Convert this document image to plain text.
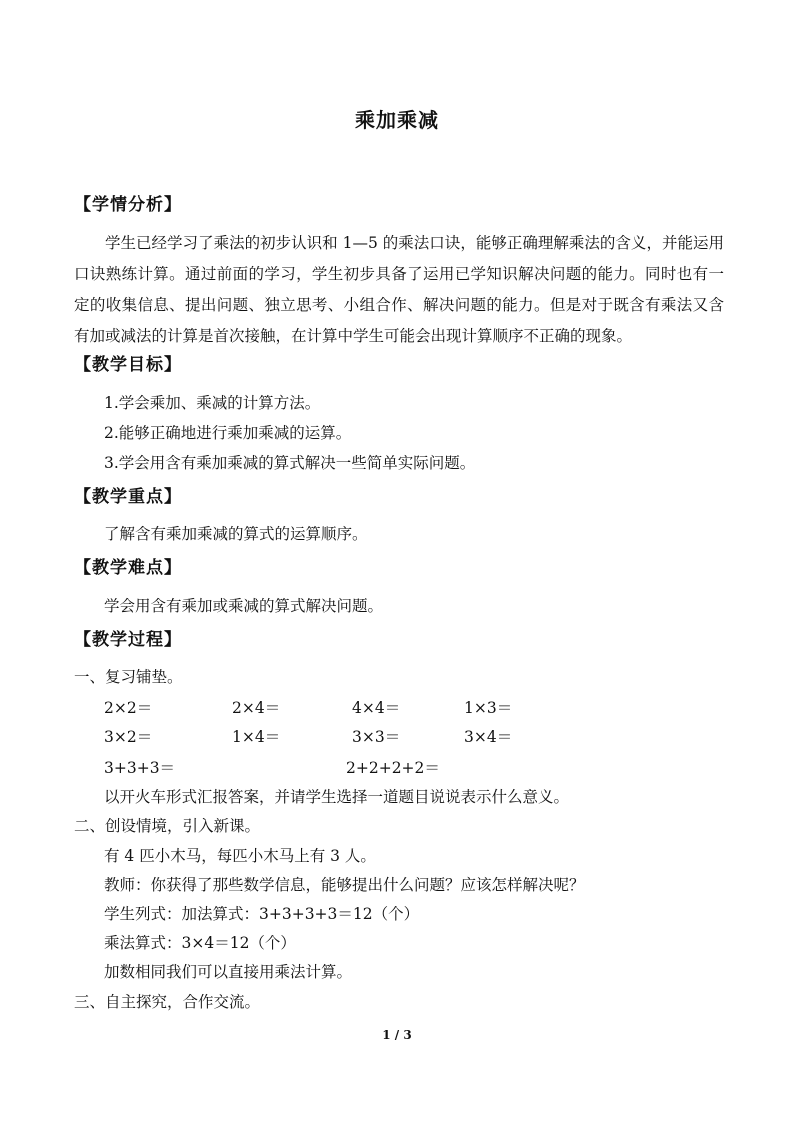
乘加乘减
【学情分析】
学生已经学习了乘法的初步认识和 1—5 的乘法口诀，能够正确理解乘法的含义，并能运用口诀熟练计算。通过前面的学习，学生初步具备了运用已学知识解决问题的能力。同时也有一定的收集信息、提出问题、独立思考、小组合作、解决问题的能力。但是对于既含有乘法又含有加或减法的计算是首次接触，在计算中学生可能会出现计算顺序不正确的现象。
【教学目标】
1.学会乘加、乘减的计算方法。
2.能够正确地进行乘加乘减的运算。
3.学会用含有乘加乘减的算式解决一些简单实际问题。
【教学重点】
了解含有乘加乘减的算式的运算顺序。
【教学难点】
学会用含有乘加或乘减的算式解决问题。
【教学过程】
一、复习铺垫。
2×2＝	2×4＝	4×4＝	1×3＝
3×2＝	1×4＝	3×3＝	3×4＝
3+3+3＝	2+2+2+2＝
以开火车形式汇报答案，并请学生选择一道题目说说表示什么意义。
二、创设情境，引入新课。
有 4 匹小木马，每匹小木马上有 3 人。
教师：你获得了那些数学信息，能够提出什么问题？应该怎样解决呢？
学生列式：加法算式：3+3+3+3＝12（个）
乘法算式：3×4＝12（个）
加数相同我们可以直接用乘法计算。
三、自主探究，合作交流。
1 / 3
